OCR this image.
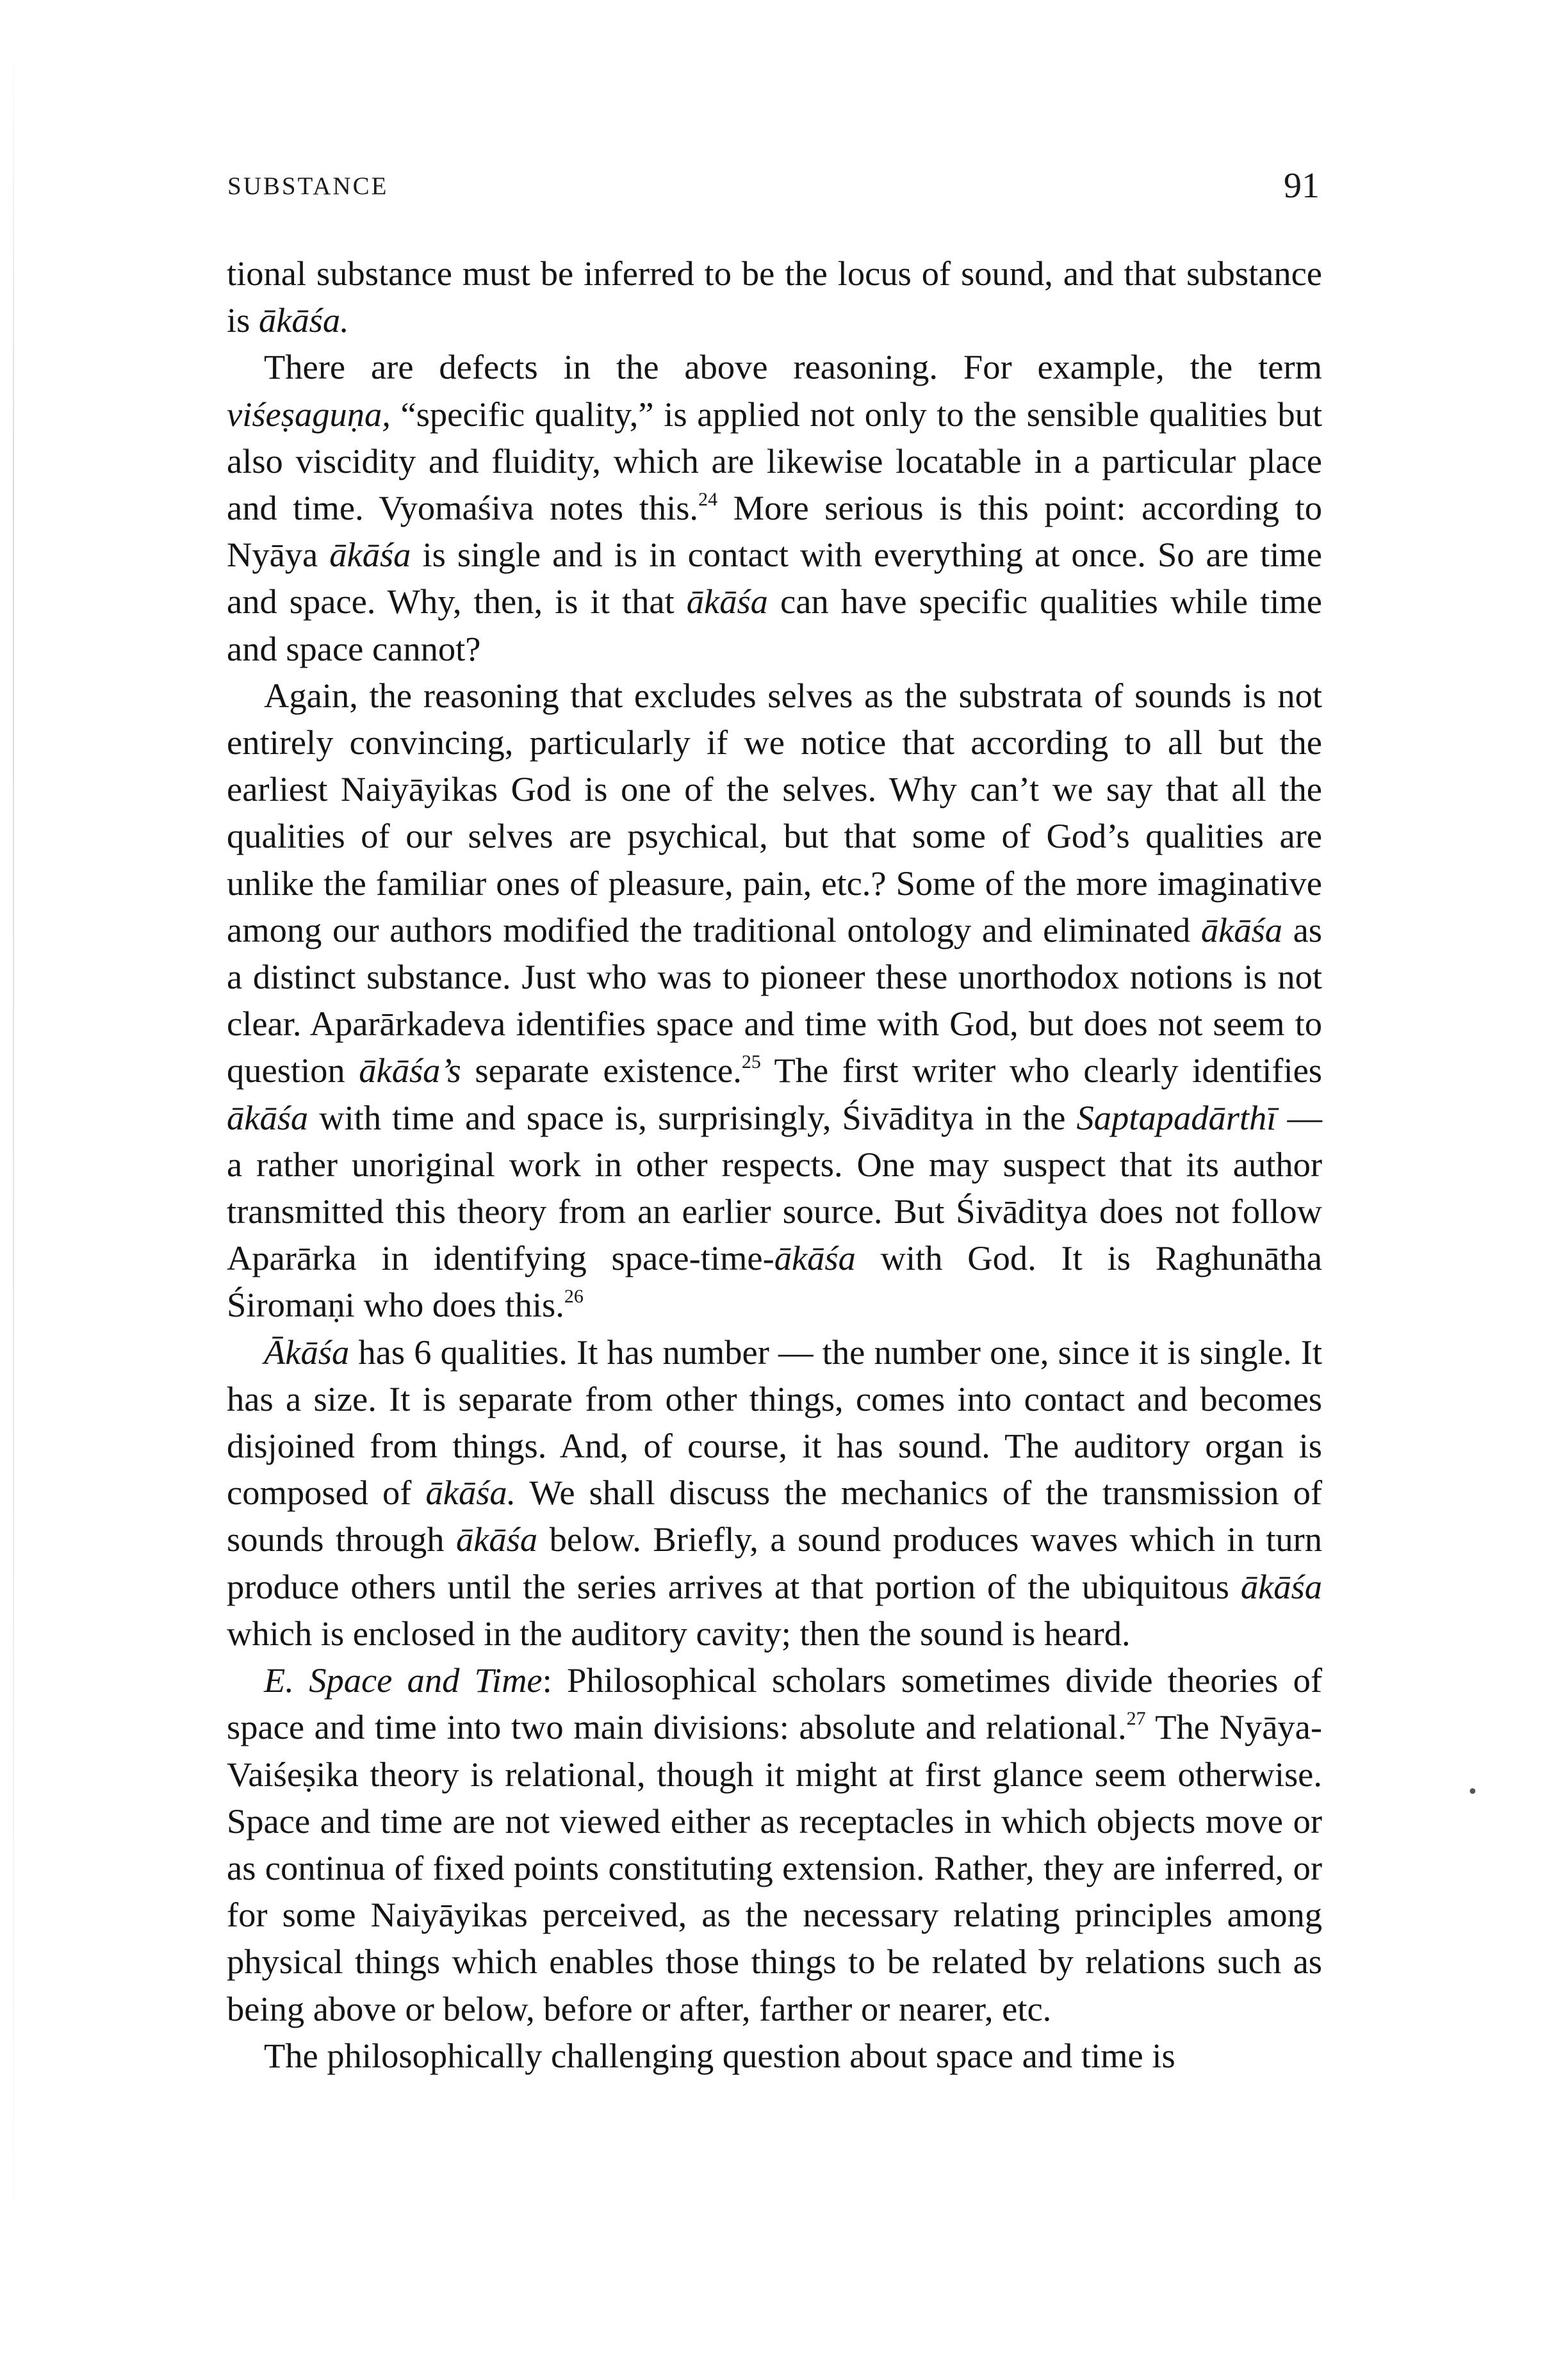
SUBSTANCE	91

tional substance must be inferred to be the locus of sound, and that substance is ākāśa.

There are defects in the above reasoning. For example, the term viśeṣaguṇa, “specific quality,” is applied not only to the sensible qualities but also viscidity and fluidity, which are likewise locatable in a particular place and time. Vyomaśiva notes this.$^{24}$ More serious is this point: according to Nyāya ākāśa is single and is in contact with everything at once. So are time and space. Why, then, is it that ākāśa can have specific qualities while time and space cannot?

Again, the reasoning that excludes selves as the substrata of sounds is not entirely convincing, particularly if we notice that according to all but the earliest Naiyāyikas God is one of the selves. Why can’t we say that all the qualities of our selves are psychical, but that some of God’s qualities are unlike the familiar ones of pleasure, pain, etc.? Some of the more imaginative among our authors modified the traditional ontology and eliminated ākāśa as a distinct substance. Just who was to pioneer these unorthodox notions is not clear. Aparārkadeva identifies space and time with God, but does not seem to question ākāśa’s separate existence.$^{25}$ The first writer who clearly identifies ākāśa with time and space is, surprisingly, Śivāditya in the Saptapadārthī — a rather unoriginal work in other respects. One may suspect that its author transmitted this theory from an earlier source. But Śivāditya does not follow Aparārka in identifying space-time-ākāśa with God. It is Raghunātha Śiromaṇi who does this.$^{26}$

Ākāśa has 6 qualities. It has number — the number one, since it is single. It has a size. It is separate from other things, comes into contact and becomes disjoined from things. And, of course, it has sound. The auditory organ is composed of ākāśa. We shall discuss the mechanics of the transmission of sounds through ākāśa below. Briefly, a sound produces waves which in turn produce others until the series arrives at that portion of the ubiquitous ākāśa which is enclosed in the auditory cavity; then the sound is heard.

E. Space and Time: Philosophical scholars sometimes divide theories of space and time into two main divisions: absolute and relational.$^{27}$ The Nyāya-Vaiśeṣika theory is relational, though it might at first glance seem otherwise. Space and time are not viewed either as receptacles in which objects move or as continua of fixed points constituting extension. Rather, they are inferred, or for some Naiyāyikas perceived, as the necessary relating principles among physical things which enables those things to be related by relations such as being above or below, before or after, farther or nearer, etc.

The philosophically challenging question about space and time is

•
